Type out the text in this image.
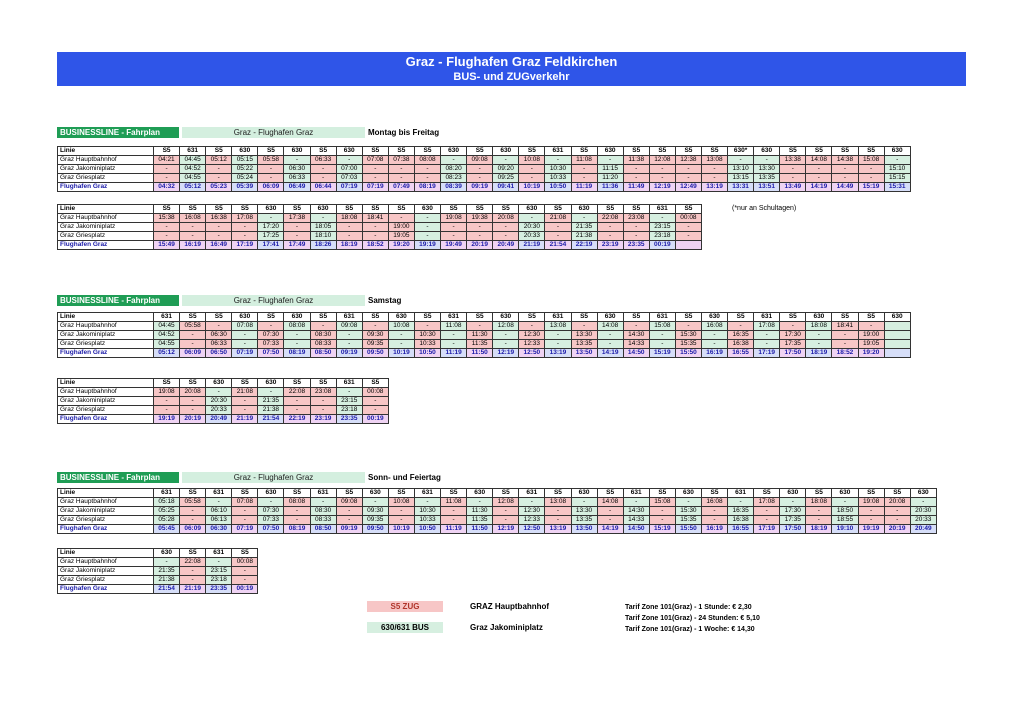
Graz - Flughafen Graz Feldkirchen
BUS- und ZUGverkehr
BUSINESSLINE - Fahrplan	Graz - Flughafen Graz	Montag bis Freitag
Linie	S5	631	S5	630	S5	630	S5	630	S5	S5	S5	630	S5	630	S5	631	S5	630	S5	S5	S5	S5	630*	630	S5	S5	S5	S5	630
Graz Hauptbahnhof	04:21	04:45	05:12	05:15	05:58	-	06:33	-	07:08	07:38	08:08	-	09:08	-	10:08	-	11:08	-	11:38	12:08	12:38	13:08	-	-	13:38	14:08	14:38	15:08	-
Graz Jakominiplatz	-	04:52	-	05:22	-	06:30	-	07:00	-	-	-	08:20	-	09:20	-	10:30	-	11:15	-	-	-	-	13:10	13:30	-	-	-	-	15:10
Graz Griesplatz	-	04:55	-	05:24	-	06:33	-	07:03	-	-	-	08:23	-	09:25	-	10:33	-	11:20	-	-	-	-	13:15	13:35	-	-	-	-	15:15
Flughafen Graz	04:32	05:12	05:23	05:39	06:09	06:49	06:44	07:19	07:19	07:49	08:19	08:39	09:19	09:41	10:19	10:50	11:19	11:36	11:49	12:19	12:49	13:19	13:31	13:51	13:49	14:19	14:49	15:19	15:31
Linie	S5	S5	S5	S5	630	S5	630	S5	S5	S5	630	S5	S5	S5	630	S5	630	S5	S5	631	S5
Graz Hauptbahnhof	15:38	16:08	16:38	17:08	-	17:38	-	18:08	18:41	-	-	19:08	19:38	20:08	-	21:08	-	22:08	23:08	-	00:08
Graz Jakominiplatz	-	-	-	-	17:20	-	18:05	-	-	19:00	-	-	-	-	20:30	-	21:35	-	-	23:15	-
Graz Griesplatz	-	-	-	-	17:25	-	18:10	-	-	19:05	-	-	-	-	20:33	-	21:38	-	-	23:18	-
Flughafen Graz	15:49	16:19	16:49	17:19	17:41	17:49	18:26	18:19	18:52	19:20	19:19	19:49	20:19	20:49	21:19	21:54	22:19	23:19	23:35	00:19	
(*nur an Schultagen)
BUSINESSLINE - Fahrplan	Graz - Flughafen Graz	Samstag
Linie	631	S5	S5	630	S5	630	S5	631	S5	630	S5	631	S5	630	S5	631	S5	630	S5	631	S5	630	S5	631	S5	630	S5	S5	630
Graz Hauptbahnhof	04:45	05:58	-	07:08	-	08:08	-	09:08	-	10:08	-	11:08	-	12:08	-	13:08	-	14:08	-	15:08	-	16:08	-	17:08	-	18:08	18:41	-	
Graz Jakominiplatz	04:52	-	06:30	-	07:30	-	08:30	-	09:30	-	10:30	-	11:30	-	12:30	-	13:30	-	14:30	-	15:30	-	16:35	-	17:30	-	-	19:00	
Graz Griesplatz	04:55	-	06:33	-	07:33	-	08:33	-	09:35	-	10:33	-	11:35	-	12:33	-	13:35	-	14:33	-	15:35	-	16:38	-	17:35	-	-	19:05	
Flughafen Graz	05:12	06:09	06:50	07:19	07:50	08:19	08:50	09:19	09:50	10:19	10:50	11:19	11:50	12:19	12:50	13:19	13:50	14:19	14:50	15:19	15:50	16:19	16:55	17:19	17:50	18:19	18:52	19:20	
Linie	S5	S5	630	S5	630	S5	S5	631	S5
Graz Hauptbahnhof	19:08	20:08	-	21:08	-	22:08	23:08	-	00:08
Graz Jakominiplatz	-	-	20:30	-	21:35	-	-	23:15	-
Graz Griesplatz	-	-	20:33	-	21:38	-	-	23:18	-
Flughafen Graz	19:19	20:19	20:49	21:19	21:54	22:19	23:19	23:35	00:19
BUSINESSLINE - Fahrplan	Graz - Flughafen Graz	Sonn- und Feiertag
Linie	631	S5	631	S5	630	S5	631	S5	630	S5	631	S5	630	S5	631	S5	630	S5	631	S5	630	S5	631	S5	630	S5	630	S5	S5	630
Graz Hauptbahnhof	05:18	05:58	-	07:08	-	08:08	-	09:08	-	10:08	-	11:08	-	12:08	-	13:08	-	14:08	-	15:08	-	16:08	-	17:08	-	18:08	-	19:08	20:08	-
Graz Jakominiplatz	05:25	-	06:10	-	07:30	-	08:30	-	09:30	-	10:30	-	11:30	-	12:30	-	13:30	-	14:30	-	15:30	-	16:35	-	17:30	-	18:50	-	-	20:30
Graz Griesplatz	05:28	-	06:13	-	07:33	-	08:33	-	09:35	-	10:33	-	11:35	-	12:33	-	13:35	-	14:33	-	15:35	-	16:38	-	17:35	-	18:55	-	-	20:33
Flughafen Graz	05:45	06:09	06:30	07:19	07:50	08:19	08:50	09:19	09:50	10:19	10:50	11:19	11:50	12:19	12:50	13:19	13:50	14:19	14:50	15:19	15:50	16:19	16:55	17:19	17:50	18:19	19:10	19:19	20:19	20:49
Linie	630	S5	631	S5
Graz Hauptbahnhof	-	22:08	-	00:08
Graz Jakominiplatz	21:35	-	23:15	-
Graz Griesplatz	21:38	-	23:18	-
Flughafen Graz	21:54	21:19	23:35	00:19
S5 ZUG
630/631 BUS
GRAZ Hauptbahnhof
Graz Jakominiplatz
Tarif Zone 101(Graz) - 1 Stunde: € 2,30
Tarif Zone 101(Graz) - 24 Stunden: € 5,10
Tarif Zone 101(Graz) - 1 Woche: € 14,30
